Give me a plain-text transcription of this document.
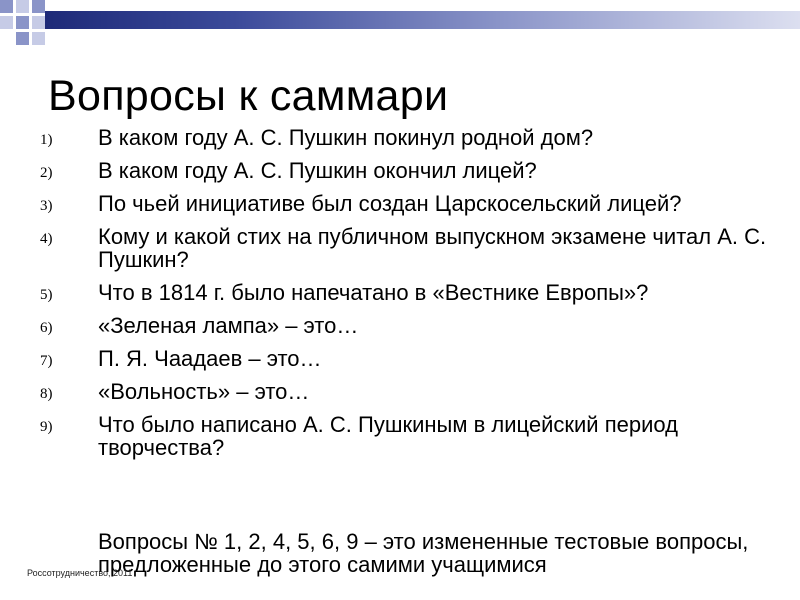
Вопросы к саммари
1) В каком году А. С. Пушкин покинул родной дом?
2) В каком году А. С. Пушкин окончил лицей?
3) По чьей инициативе был создан Царскосельский лицей?
4) Кому и какой стих на публичном выпускном экзамене читал А. С. Пушкин?
5) Что в 1814 г. было напечатано в «Вестнике Европы»?
6) «Зеленая лампа» – это…
7) П. Я. Чаадаев – это…
8) «Вольность» – это…
9) Что было написано А. С. Пушкиным в лицейский период творчества?
Вопросы № 1, 2, 4, 5, 6, 9 – это измененные тестовые вопросы, предложенные до этого самими учащимися
Россотрудничество, 2011
